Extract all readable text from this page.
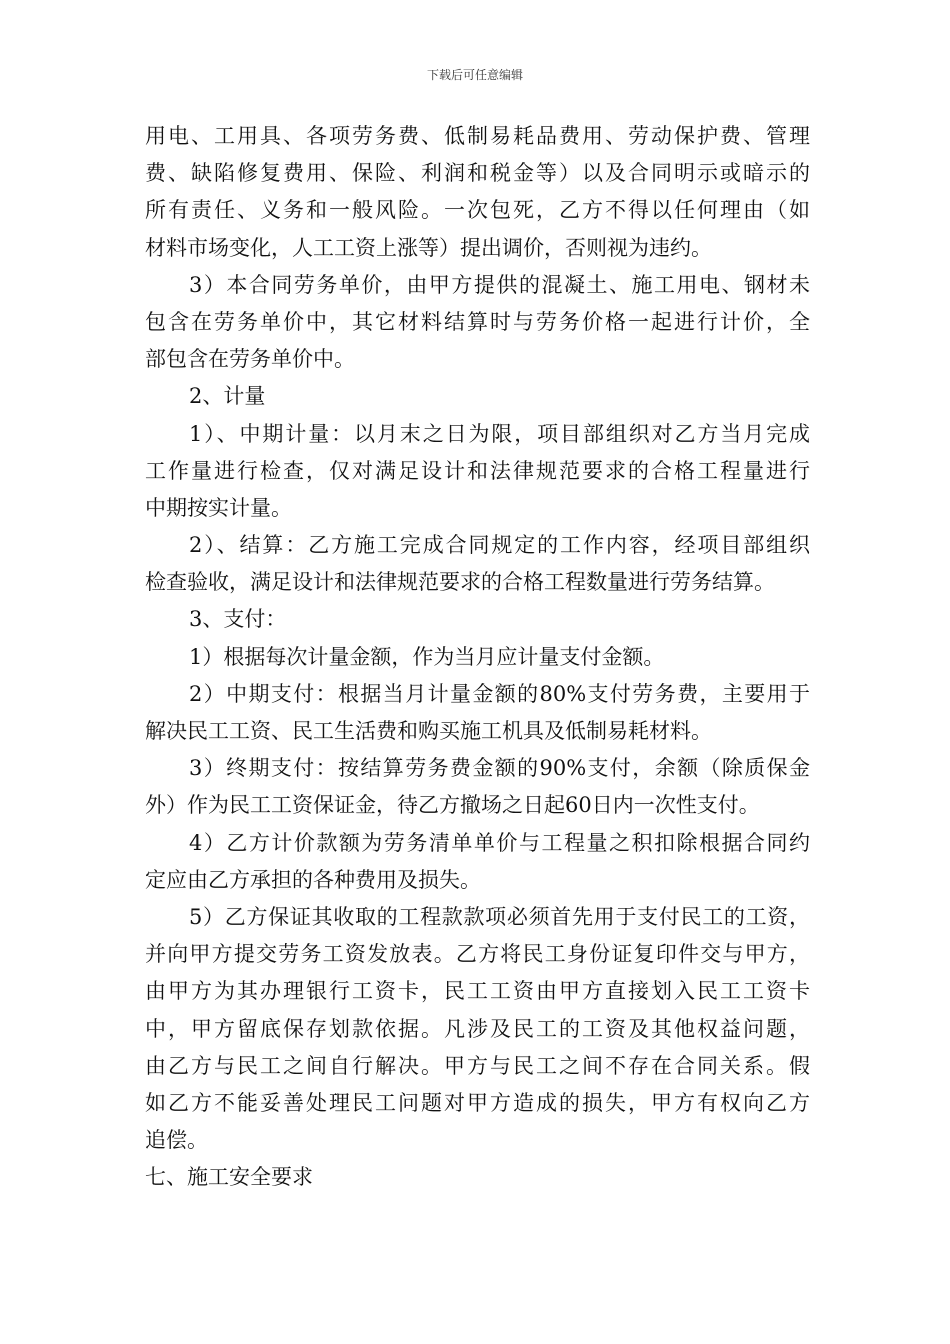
下载后可任意编辑
用电、工用具、各项劳务费、低制易耗品费用、劳动保护费、管理
费、缺陷修复费用、保险、利润和税金等）以及合同明示或暗示的
所有责任、义务和一般风险。一次包死，乙方不得以任何理由（如
材料市场变化，人工工资上涨等）提出调价，否则视为违约。
3）本合同劳务单价，由甲方提供的混凝土、施工用电、钢材未
包含在劳务单价中，其它材料结算时与劳务价格一起进行计价，全
部包含在劳务单价中。
2、计量
1）、中期计量：以月末之日为限，项目部组织对乙方当月完成
工作量进行检查，仅对满足设计和法律规范要求的合格工程量进行
中期按实计量。
2）、结算：乙方施工完成合同规定的工作内容，经项目部组织
检查验收，满足设计和法律规范要求的合格工程数量进行劳务结算。
3、支付：
1）根据每次计量金额，作为当月应计量支付金额。
2）中期支付：根据当月计量金额的80%支付劳务费，主要用于
解决民工工资、民工生活费和购买施工机具及低制易耗材料。
3）终期支付：按结算劳务费金额的90%支付，余额（除质保金
外）作为民工工资保证金，待乙方撤场之日起60日内一次性支付。
4）乙方计价款额为劳务清单单价与工程量之积扣除根据合同约
定应由乙方承担的各种费用及损失。
5）乙方保证其收取的工程款款项必须首先用于支付民工的工资，
并向甲方提交劳务工资发放表。乙方将民工身份证复印件交与甲方，
由甲方为其办理银行工资卡，民工工资由甲方直接划入民工工资卡
中，甲方留底保存划款依据。凡涉及民工的工资及其他权益问题，
由乙方与民工之间自行解决。甲方与民工之间不存在合同关系。假
如乙方不能妥善处理民工问题对甲方造成的损失，甲方有权向乙方
追偿。
七、施工安全要求
